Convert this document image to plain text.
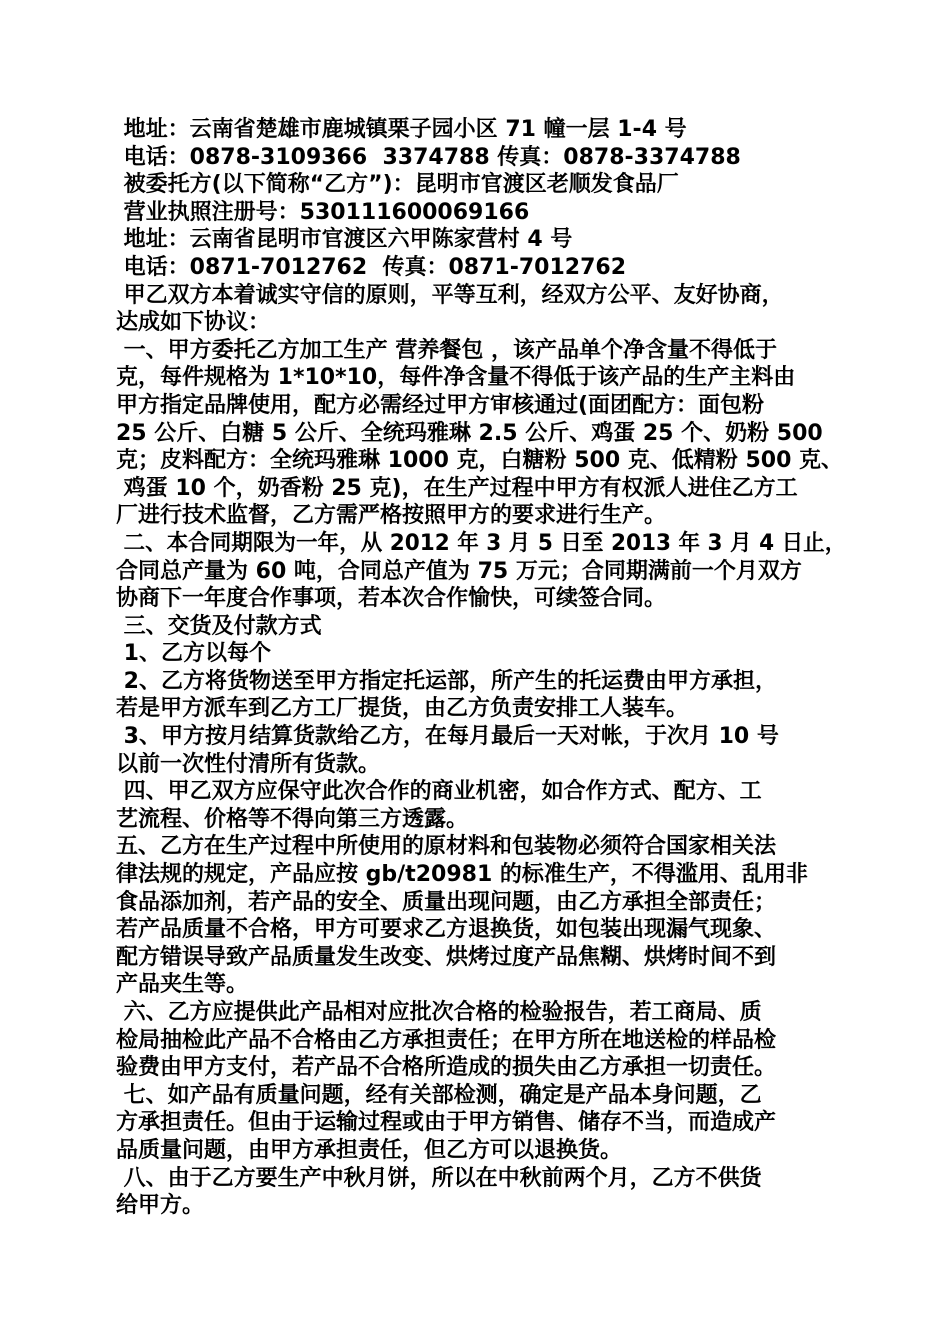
地址：云南省楚雄市鹿城镇栗子园小区 71 幢一层 1-4 号
电话：0878-3109366  3374788 传真：0878-3374788
被委托方(以下简称“乙方”)：昆明市官渡区老顺发食品厂
营业执照注册号：530111600069166
地址：云南省昆明市官渡区六甲陈家营村 4 号
电话：0871-7012762  传真：0871-7012762
甲乙双方本着诚实守信的原则，平等互利，经双方公平、友好协商，
达成如下协议：
一、甲方委托乙方加工生产 营养餐包 ，该产品单个净含量不得低于
克，每件规格为 1*10*10，每件净含量不得低于该产品的生产主料由
甲方指定品牌使用，配方必需经过甲方审核通过(面团配方：面包粉
25 公斤、白糖 5 公斤、全统玛雅琳 2.5 公斤、鸡蛋 25 个、奶粉 500
克；皮料配方：全统玛雅琳 1000 克，白糖粉 500 克、低精粉 500 克、
鸡蛋 10 个，奶香粉 25 克)，在生产过程中甲方有权派人进住乙方工
厂进行技术监督，乙方需严格按照甲方的要求进行生产。
二、本合同期限为一年，从 2012 年 3 月 5 日至 2013 年 3 月 4 日止，
合同总产量为 60 吨，合同总产值为 75 万元；合同期满前一个月双方
协商下一年度合作事项，若本次合作愉快，可续签合同。
三、交货及付款方式
1、乙方以每个
2、乙方将货物送至甲方指定托运部，所产生的托运费由甲方承担，
若是甲方派车到乙方工厂提货，由乙方负责安排工人装车。
3、甲方按月结算货款给乙方，在每月最后一天对帐，于次月 10 号
以前一次性付清所有货款。
四、甲乙双方应保守此次合作的商业机密，如合作方式、配方、工
艺流程、价格等不得向第三方透露。
五、乙方在生产过程中所使用的原材料和包装物必须符合国家相关法
律法规的规定，产品应按 gb/t20981 的标准生产，不得滥用、乱用非
食品添加剂，若产品的安全、质量出现问题，由乙方承担全部责任；
若产品质量不合格，甲方可要求乙方退换货，如包装出现漏气现象、
配方错误导致产品质量发生改变、烘烤过度产品焦糊、烘烤时间不到
产品夹生等。
六、乙方应提供此产品相对应批次合格的检验报告，若工商局、质
检局抽检此产品不合格由乙方承担责任；在甲方所在地送检的样品检
验费由甲方支付，若产品不合格所造成的损失由乙方承担一切责任。
七、如产品有质量问题，经有关部检测，确定是产品本身问题，乙
方承担责任。但由于运输过程或由于甲方销售、储存不当，而造成产
品质量问题，由甲方承担责任，但乙方可以退换货。
八、由于乙方要生产中秋月饼，所以在中秋前两个月，乙方不供货
给甲方。
